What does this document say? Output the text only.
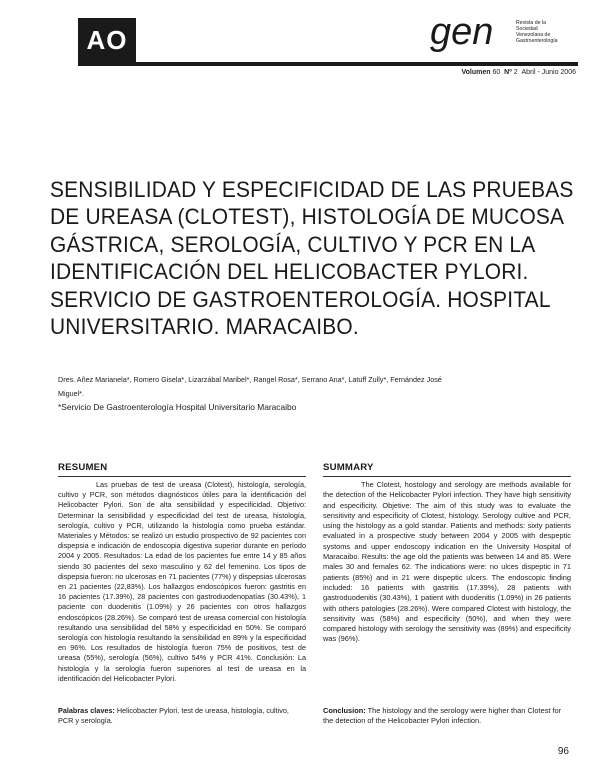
AO	gen	Revista de la
Sociedad
Venezolana de
Gastroenterología
Volumen 60 Nº 2 Abril - Junio 2006
SENSIBILIDAD Y ESPECIFICIDAD DE LAS PRUEBAS
DE UREASA (CLOTEST), HISTOLOGÍA DE MUCOSA
GÁSTRICA, SEROLOGÍA, CULTIVO Y PCR EN LA
IDENTIFICACIÓN DEL HELICOBACTER PYLORI.
SERVICIO DE GASTROENTEROLOGÍA. HOSPITAL
UNIVERSITARIO. MARACAIBO.
Dres. Añez Marianela*, Romero Gisela*, Lizarzábal Maribel*, Rangel Rosa*, Serrano Ana*, Latuff Zully*, Fernández José Miguel*.
*Servicio De Gastroenterología Hospital Universitario Maracaibo
RESUMEN

Las pruebas de test de ureasa (Clotest), histología, serología, cultivo y PCR, son métodos diagnósticos útiles para la identificación del Helicobacter Pylori. Son de alta sensibilidad y especificidad. Objetivo: Determinar la sensibilidad y especificidad del test de ureasa, histología, serología, cultivo y PCR, utilizando la histología como prueba estándar. Materiales y Métodos: se realizó un estudio prospectivo de 92 pacientes con dispepsia e indicación de endoscopia digestiva superior durante en período 2004 y 2005. Resultados: La edad de los pacientes fue entre 14 y 85 años siendo 30 pacientes del sexo masculino y 62 del femenino. Los tipos de dispepsia fueron: no ulcerosas en 71 pacientes (77%) y dispepsias ulcerosas en 21 pacientes (22,83%). Los hallazgos endoscópicos fueron: gastritis en 16 pacientes (17.39%), 28 pacientes con gastroduodenopatías (30.43%), 1 paciente con duodenitis (1.09%) y 26 pacientes con otros hallazgos endoscópicos (28.26%). Se comparó test de ureasa comercial con histología resultando una sensibilidad del 58% y especificidad en 50%. Se comparó serología con histología resultando la sensibilidad en 89% y la especificidad en 96%. Los resultados de histología fueron 75% de positivos, test de ureasa (55%), serología (56%), cultivo 54% y PCR 41%. Conclusión: La histología y la serología fueron superiores al test de ureasa en la identificación del Helicobacter Pylori.

SUMMARY

The Clotest, hostology and serology are methods available for the detection of the Helicobacter Pylori infection. They have high sensitivity and especificity. Objetive: The aim of this study was to evaluate the sensitivity and especificity of Clotest, histology. Serology cultive and PCR, using the histology as a gold standar. Patients and methods: sixty patients evaluated in a prospective study between 2004 y 2005 with despeptic systoms and upper endoscopy indication en the University Hospital of Maracaibo. Results: the age old the patients was between 14 and 85. Were males 30 and females 62. The indications were: no ulces dispeptic in 71 patients (85%) and in 21 were dispeptic ulcers. The endoscopic finding included: 16 patients with gastritis (17.39%), 28 patients with gastroduodenitis (30.43%), 1 patient with duodenitis (1.09%) in 26 patients with others patologies (28.26%). Were compared Clotest with histology, the sensitivity was (58%) and especificity (50%), and when they were compared histology with serology the sensitivity was (89%) and especificity was (96%).

Palabras claves: Helicobacter Pylori, test de ureasa, histología, cultivo, PCR y serología.
Conclusion: The histology and the serology were higher than Clotest for the detection of the Helicobacter Pylori infection.
96
